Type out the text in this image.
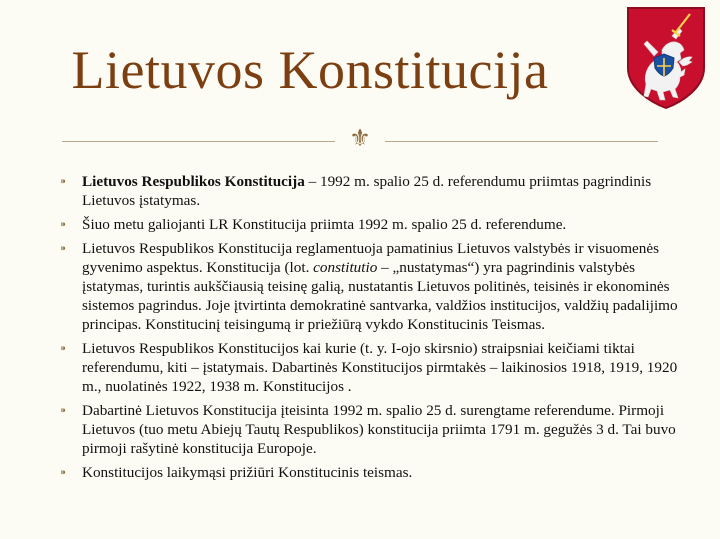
Lietuvos Konstitucija
⚜
⁍	Lietuvos Respublikos Konstitucija – 1992 m. spalio 25 d. referendumu priimtas pagrindinis Lietuvos įstatymas.
⁍	Šiuo metu galiojanti LR Konstitucija priimta 1992 m. spalio 25 d. referendume.
⁍	Lietuvos Respublikos Konstitucija reglamentuoja pamatinius Lietuvos valstybės ir visuomenės gyvenimo aspektus. Konstitucija (lot. constitutio – „nustatymas“) yra pagrindinis valstybės įstatymas, turintis aukščiausią teisinę galią, nustatantis Lietuvos politinės, teisinės ir ekonominės sistemos pagrindus. Joje įtvirtinta demokratinė santvarka, valdžios institucijos, valdžių padalijimo principas. Konstitucinį teisingumą ir priežiūrą vykdo Konstitucinis Teismas.
⁍	Lietuvos Respublikos Konstitucijos kai kurie (t. y. I-ojo skirsnio) straipsniai keičiami tiktai referendumu, kiti – įstatymais. Dabartinės Konstitucijos pirmtakės – laikinosios 1918, 1919, 1920 m., nuolatinės 1922, 1938 m. Konstitucijos .
⁍	Dabartinė Lietuvos Konstitucija įteisinta 1992 m. spalio 25 d. surengtame referendume. Pirmoji Lietuvos (tuo metu Abiejų Tautų Respublikos) konstitucija priimta 1791 m. gegužės 3 d. Tai buvo pirmoji rašytinė konstitucija Europoje.
⁍	Konstitucijos laikymąsi prižiūri Konstitucinis teismas.
